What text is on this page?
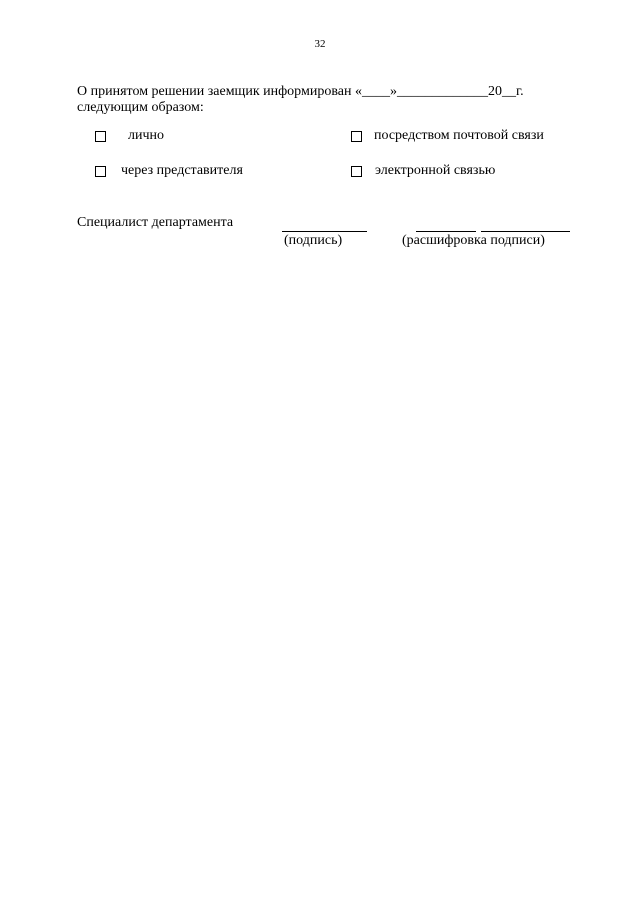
32
О принятом решении заемщик информирован «____»_____________20__г.
следующим образом:
лично	посредством почтовой связи
через представителя	электронной связью
Специалист департамента
(подпись)	(расшифровка подписи)
